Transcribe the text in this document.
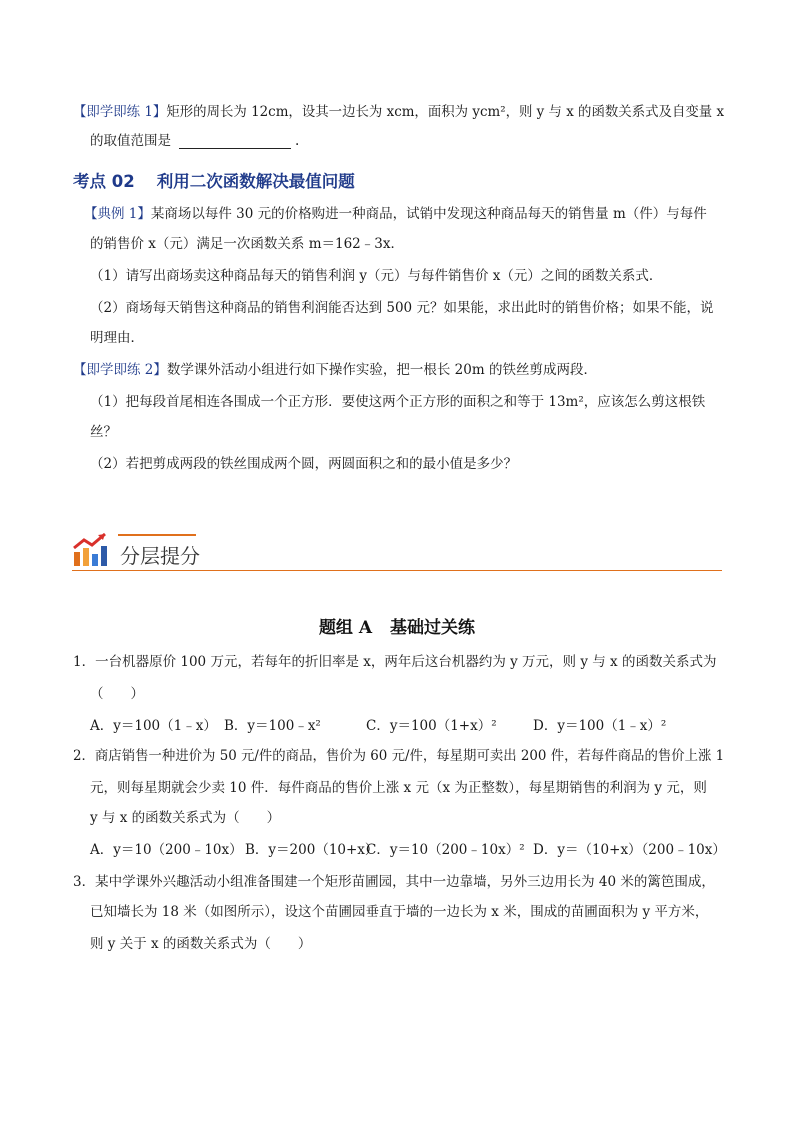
【即学即练 1】矩形的周长为 12cm，设其一边长为 xcm，面积为 ycm²，则 y 与 x 的函数关系式及自变量 x
的取值范围是	.
考点 02 利用二次函数解决最值问题
【典例 1】某商场以每件 30 元的价格购进一种商品，试销中发现这种商品每天的销售量 m（件）与每件
的销售价 x（元）满足一次函数关系 m＝162﹣3x．
（1）请写出商场卖这种商品每天的销售利润 y（元）与每件销售价 x（元）之间的函数关系式．
（2）商场每天销售这种商品的销售利润能否达到 500 元？如果能，求出此时的销售价格；如果不能，说
明理由．
【即学即练 2】数学课外活动小组进行如下操作实验，把一根长 20m 的铁丝剪成两段．
（1）把每段首尾相连各围成一个正方形．要使这两个正方形的面积之和等于 13m²，应该怎么剪这根铁
丝？
（2）若把剪成两段的铁丝围成两个圆，两圆面积之和的最小值是多少？
分层提分
题组 A 基础过关练
1．一台机器原价 100 万元，若每年的折旧率是 x，两年后这台机器约为 y 万元，则 y 与 x 的函数关系式为
（　　）
A．y＝100（1﹣x） B．y＝100﹣x²	C．y＝100（1+x）²	D．y＝100（1﹣x）²
2．商店销售一种进价为 50 元/件的商品，售价为 60 元/件，每星期可卖出 200 件，若每件商品的售价上涨 1
元，则每星期就会少卖 10 件．每件商品的售价上涨 x 元（x 为正整数），每星期销售的利润为 y 元，则
y 与 x 的函数关系式为（　　）
A．y＝10（200﹣10x） B．y＝200（10+x）
C．y＝10（200﹣10x）² D．y＝（10+x）（200﹣10x）
3．某中学课外兴趣活动小组准备围建一个矩形苗圃园，其中一边靠墙，另外三边用长为 40 米的篱笆围成，
已知墙长为 18 米（如图所示），设这个苗圃园垂直于墙的一边长为 x 米，围成的苗圃面积为 y 平方米，
则 y 关于 x 的函数关系式为（　　）
